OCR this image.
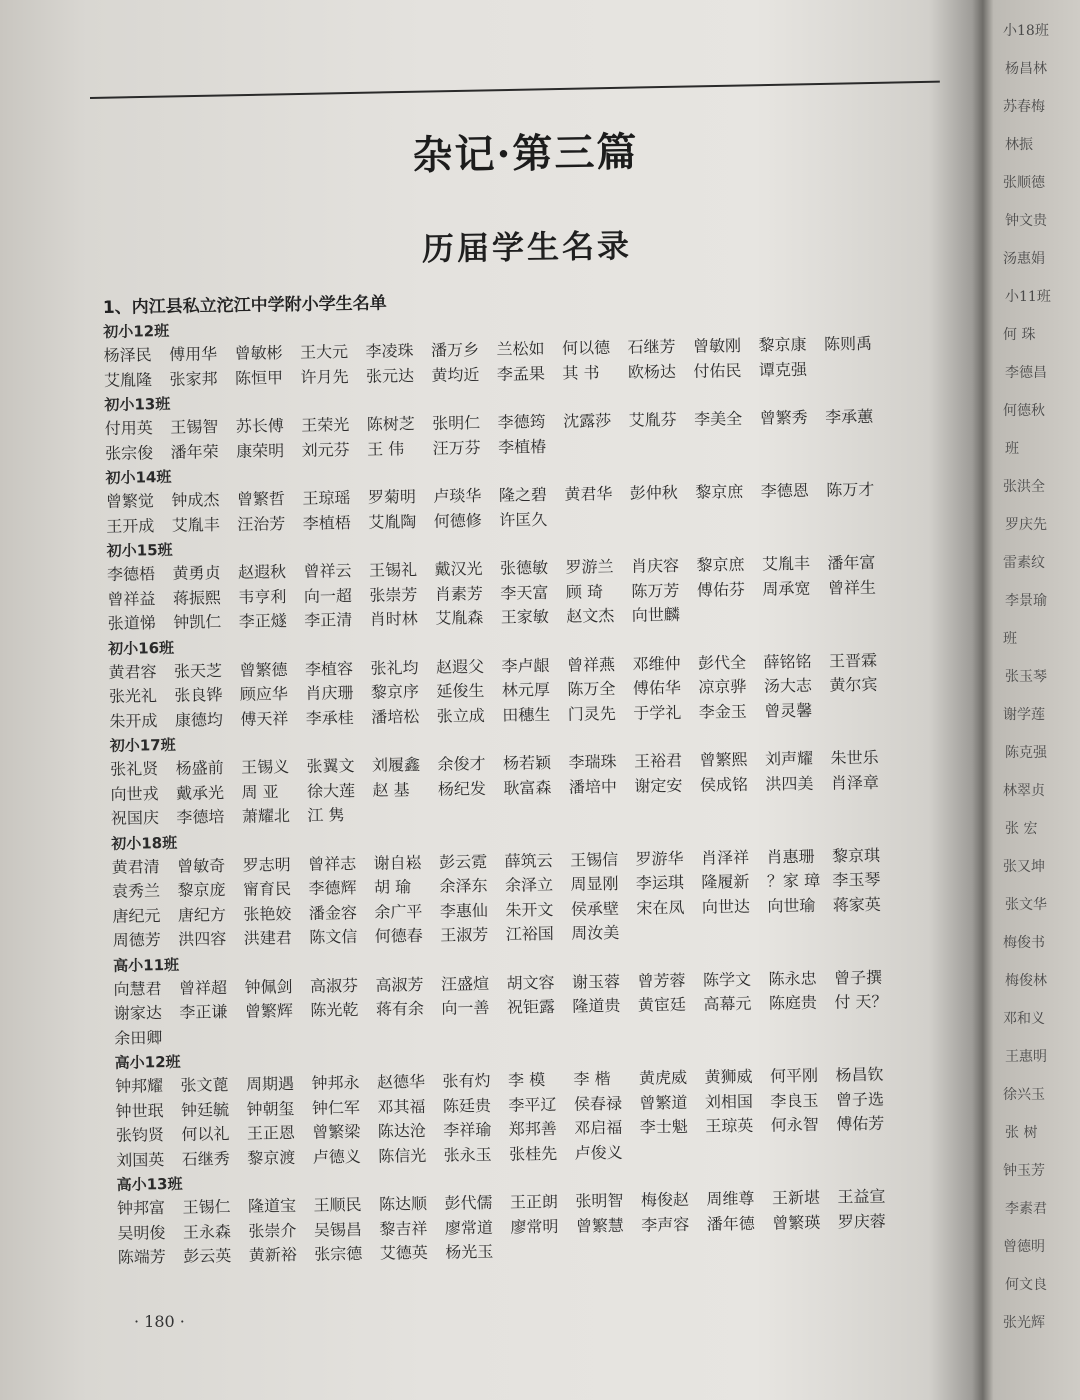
杂记·第三篇
历届学生名录
1、内江县私立沱江中学附小学生名单
初小12班
杨泽民	傅用华	曾敏彬	王大元	李凌珠	潘万乡	兰松如	何以德	石继芳	曾敏刚	黎京康	陈则禹
艾胤隆	张家邦	陈恒甲	许月先	张元达	黄均近	李孟果	其 书	欧杨达	付佑民	谭克强
初小13班
付用英	王锡智	苏长傅	王荣光	陈树芝	张明仁	李德筠	沈露莎	艾胤芬	李美全	曾繁秀	李承蕙
张宗俊	潘年荣	康荣明	刘元芬	王 伟	汪万芬	李植椿
初小14班
曾繁觉	钟成杰	曾繁哲	王琼瑶	罗菊明	卢琰华	隆之碧	黄君华	彭仲秋	黎京庶	李德恩	陈万才
王开成	艾胤丰	汪治芳	李植梧	艾胤陶	何德修	许匡久
初小15班
李德梧	黄勇贞	赵遐秋	曾祥云	王锡礼	戴汉光	张德敏	罗游兰	肖庆容	黎京庶	艾胤丰	潘年富
曾祥益	蒋振熙	韦亨利	向一超	张崇芳	肖素芳	李天富	顾 琦	陈万芳	傅佑芬	周承宽	曾祥生
张道悌	钟凯仁	李正燧	李正清	肖时林	艾胤森	王家敏	赵文杰	向世麟
初小16班
黄君容	张天芝	曾繁德	李植容	张礼均	赵遐父	李卢龈	曾祥燕	邓维仲	彭代全	薛铭铭	王晋霖
张光礼	张良铧	顾应华	肖庆珊	黎京序	延俊生	林元厚	陈万全	傅佑华	凉京骅	汤大志	黄尔宾
朱开成	康德均	傅天祥	李承桂	潘培松	张立成	田穗生	门灵先	于学礼	李金玉	曾灵馨
初小17班
张礼贤	杨盛前	王锡义	张翼文	刘履鑫	余俊才	杨若颖	李瑞珠	王裕君	曾繁熙	刘声耀	朱世乐
向世戎	戴承光	周 亚	徐大莲	赵 基	杨纪发	耿富森	潘培中	谢定安	侯成铭	洪四美	肖泽章
祝国庆	李德培	萧耀北	江 隽
初小18班
黄君清	曾敏奇	罗志明	曾祥志	谢自崧	彭云霓	薛筑云	王锡信	罗游华	肖泽祥	肖惠珊	黎京琪
袁秀兰	黎京庞	甯育民	李德辉	胡 瑜	余泽东	余泽立	周显刚	李运琪	隆履新	？家 璋 李玉琴
唐纪元	唐纪方	张艳姣	潘金容	余广平	李惠仙	朱开文	侯承壁	宋在凤	向世达	向世瑜	蒋家英
周德芳	洪四容	洪建君	陈文信	何德春	王淑芳	江裕国	周汝美
高小11班
向慧君	曾祥超	钟佩剑	高淑芬	高淑芳	汪盛煊	胡文容	谢玉蓉	曾芳蓉	陈学文	陈永忠	曾子撰
谢家达	李正谦	曾繁辉	陈光乾	蒋有余	向一善	祝钜露	隆道贵	黄宦廷	高幕元	陈庭贵	付 天？
余田卿
高小12班
钟邦耀	张文蓖	周期遇	钟邦永	赵德华	张有灼	李 模	李 楷	黄虎威	黄狮威	何平刚	杨昌钦
钟世珉	钟廷毓	钟朝玺	钟仁军	邓其福	陈廷贵	李平辽	侯春禄	曾繁道	刘相国	李良玉	曾子选
张钧贤	何以礼	王正恩	曾繁梁	陈达沧	李祥瑜	郑邦善	邓启福	李士魁	王琼英	何永智	傅佑芳
刘国英	石继秀	黎京渡	卢德义	陈信光	张永玉	张桂先	卢俊义
高小13班
钟邦富	王锡仁	隆道宝	王顺民	陈达顺	彭代儒	王正朗	张明智	梅俊赵	周维尊	王新堪	王益宣
吴明俊	王永森	张崇介	吴锡昌	黎吉祥	廖常道	廖常明	曾繁慧	李声容	潘年德	曾繁瑛	罗庆蓉
陈端芳	彭云英	黄新裕	张宗德	艾德英	杨光玉
· 180 ·
小18班
杨昌林
苏春梅
林振
张顺德
钟文贵
汤惠娟
小11班
何 珠
李德昌
何德秋
班
张洪全
罗庆先
雷素纹
李景瑜
班
张玉琴
谢学莲
陈克强
林翠贞
张 宏
张又坤
张文华
梅俊书
梅俊林
邓和义
王惠明
徐兴玉
张 树
钟玉芳
李素君
曾德明
何文良
张光辉
